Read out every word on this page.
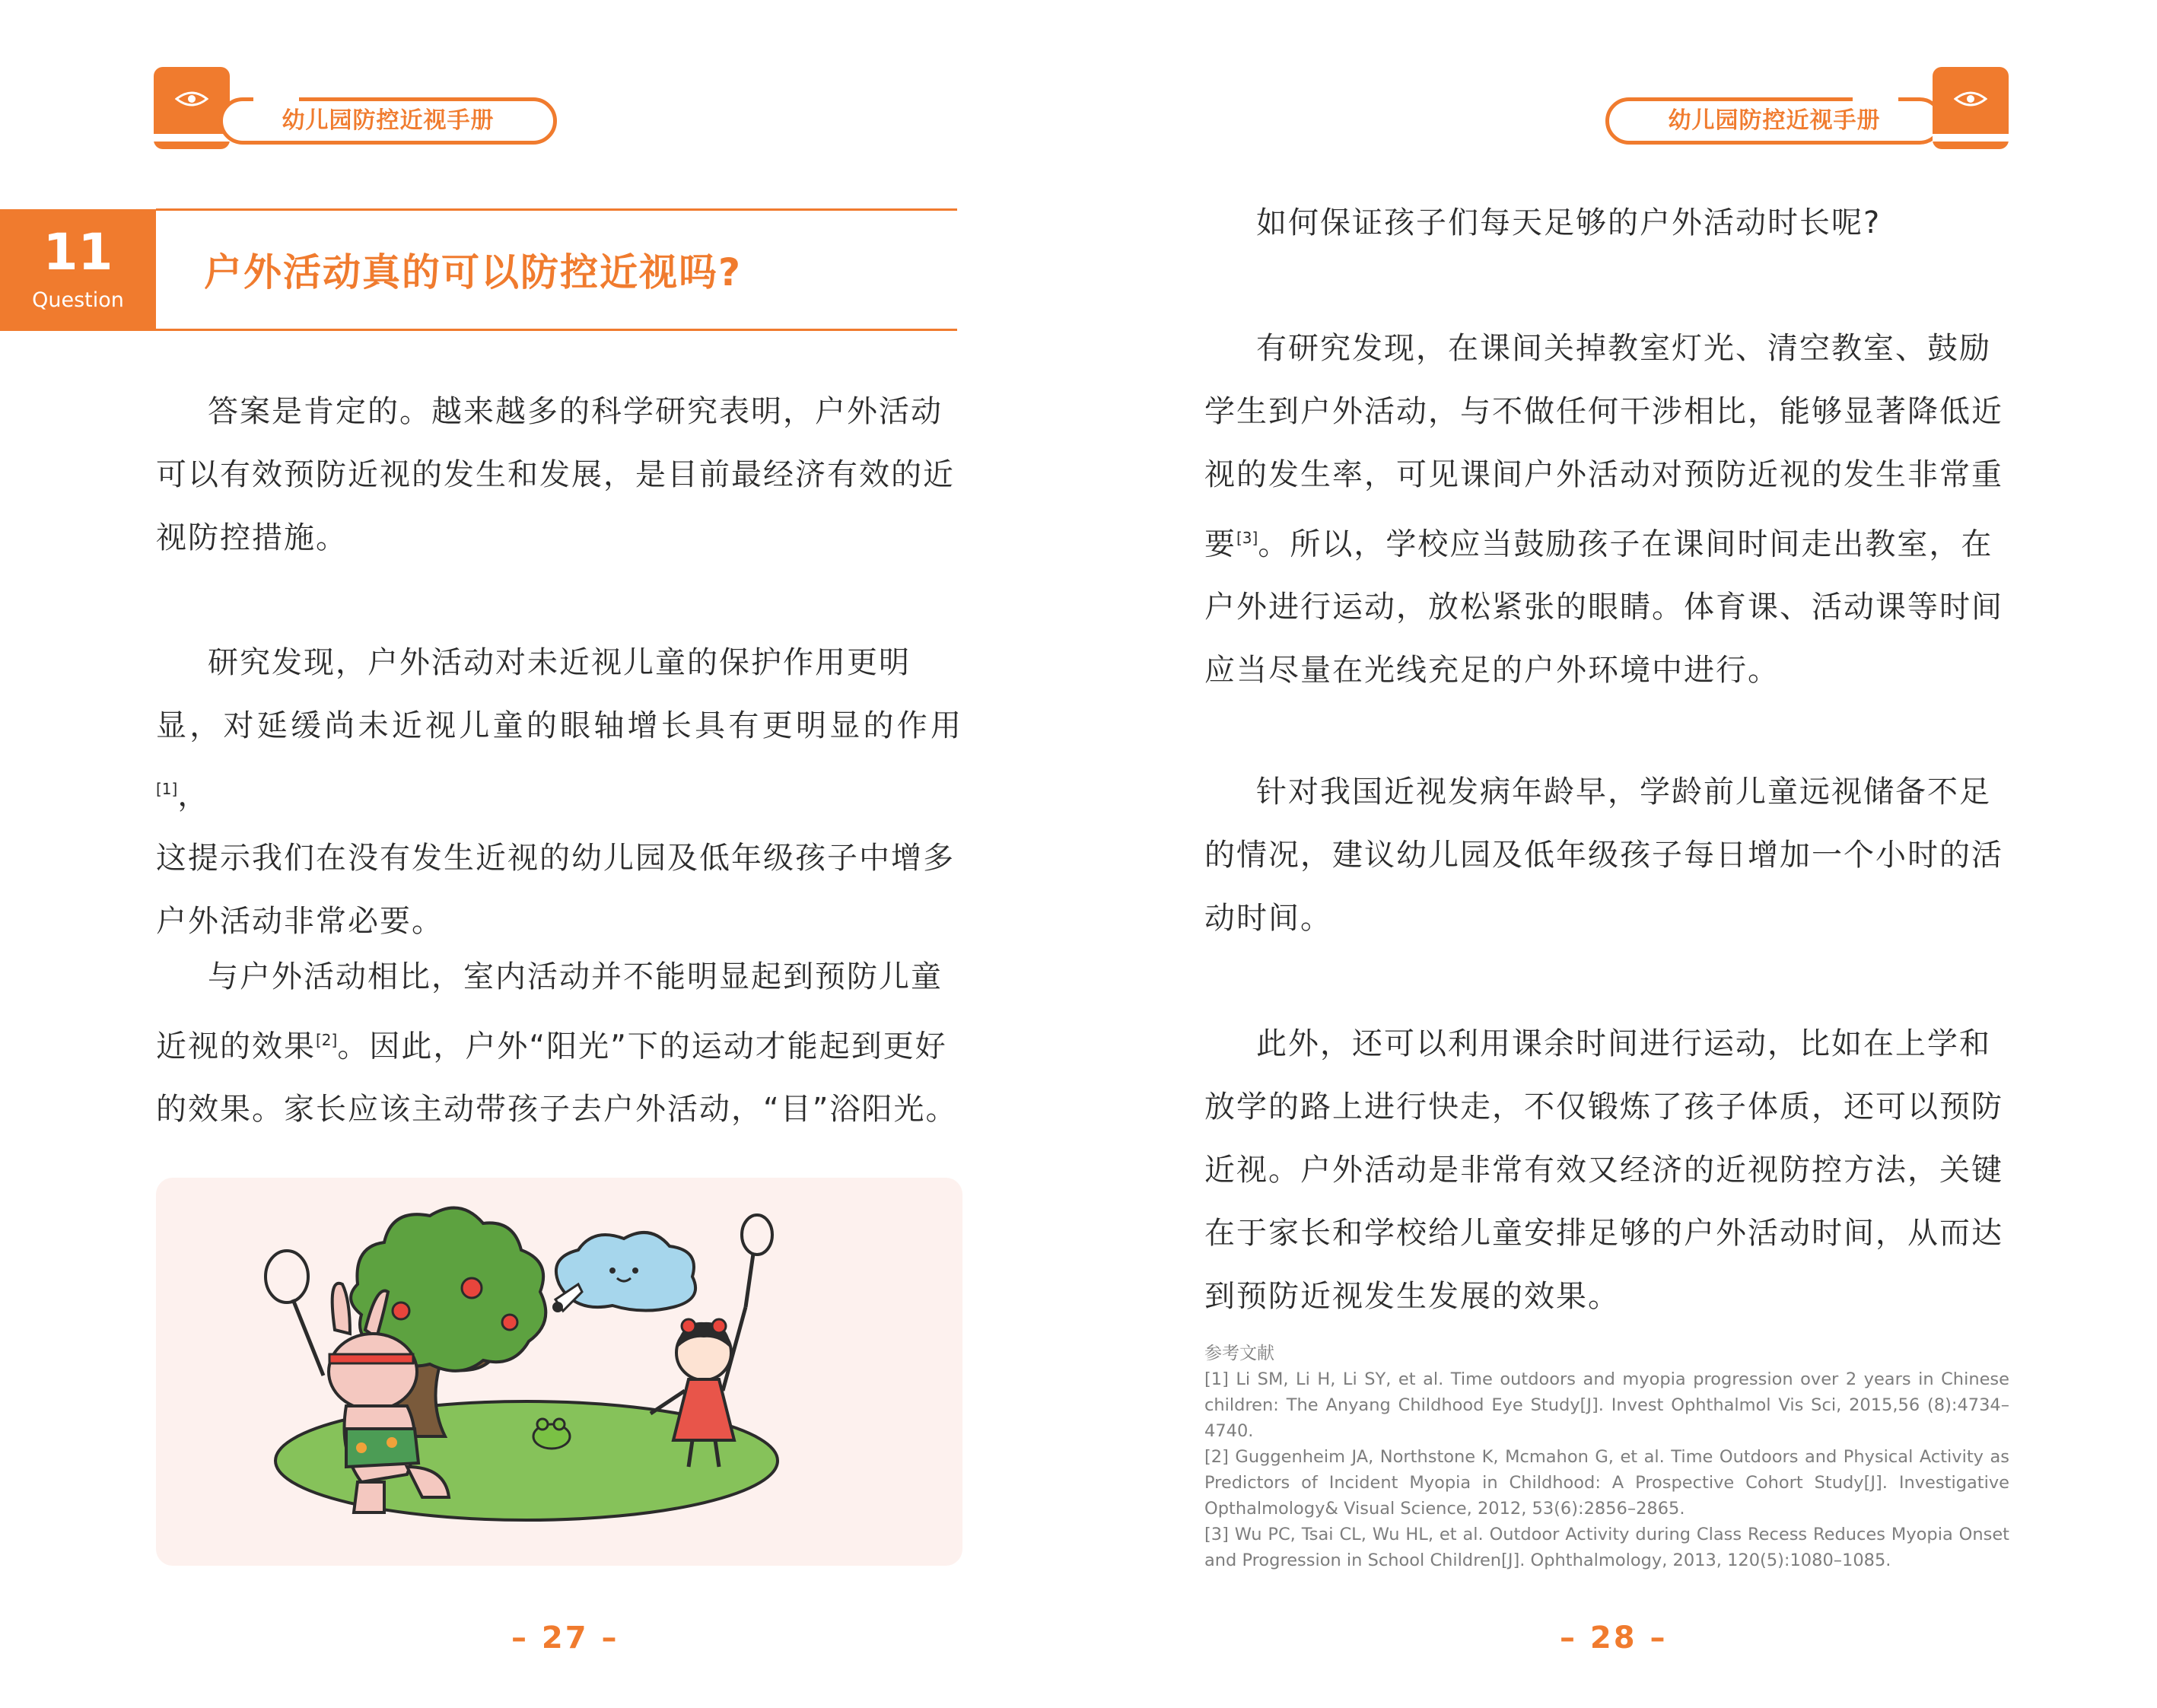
幼儿园防控近视手册
11
Question
户外活动真的可以防控近视吗?
答案是肯定的。越来越多的科学研究表明，户外活动
可以有效预防近视的发生和发展，是目前最经济有效的近
视防控措施。
研究发现，户外活动对未近视儿童的保护作用更明
显，对延缓尚未近视儿童的眼轴增长具有更明显的作用[1]，
这提示我们在没有发生近视的幼儿园及低年级孩子中增多
户外活动非常必要。
与户外活动相比，室内活动并不能明显起到预防儿童
近视的效果[2]。因此，户外“阳光”下的运动才能起到更好
的效果。家长应该主动带孩子去户外活动，“目”浴阳光。
– 27 –
幼儿园防控近视手册
如何保证孩子们每天足够的户外活动时长呢?
有研究发现，在课间关掉教室灯光、清空教室、鼓励
学生到户外活动，与不做任何干涉相比，能够显著降低近
视的发生率，可见课间户外活动对预防近视的发生非常重
要[3]。所以，学校应当鼓励孩子在课间时间走出教室，在
户外进行运动，放松紧张的眼睛。体育课、活动课等时间
应当尽量在光线充足的户外环境中进行。
针对我国近视发病年龄早，学龄前儿童远视储备不足
的情况，建议幼儿园及低年级孩子每日增加一个小时的活
动时间。
此外，还可以利用课余时间进行运动，比如在上学和
放学的路上进行快走，不仅锻炼了孩子体质，还可以预防
近视。户外活动是非常有效又经济的近视防控方法，关键
在于家长和学校给儿童安排足够的户外活动时间，从而达
到预防近视发生发展的效果。
– 28 –
参考文献
[1] Li SM, Li H, Li SY, et al. Time outdoors and myopia progression over 2 years in Chinese children: The Anyang Childhood Eye Study[J]. Invest Ophthalmol Vis Sci, 2015,56 (8):4734–4740.
[2] Guggenheim JA, Northstone K, Mcmahon G, et al. Time Outdoors and Physical Activity as Predictors of Incident Myopia in Childhood: A Prospective Cohort Study[J]. Investigative Opthalmology& Visual Science, 2012, 53(6):2856–2865.
[3] Wu PC, Tsai CL, Wu HL, et al. Outdoor Activity during Class Recess Reduces Myopia Onset and Progression in School Children[J]. Ophthalmology, 2013, 120(5):1080–1085.
